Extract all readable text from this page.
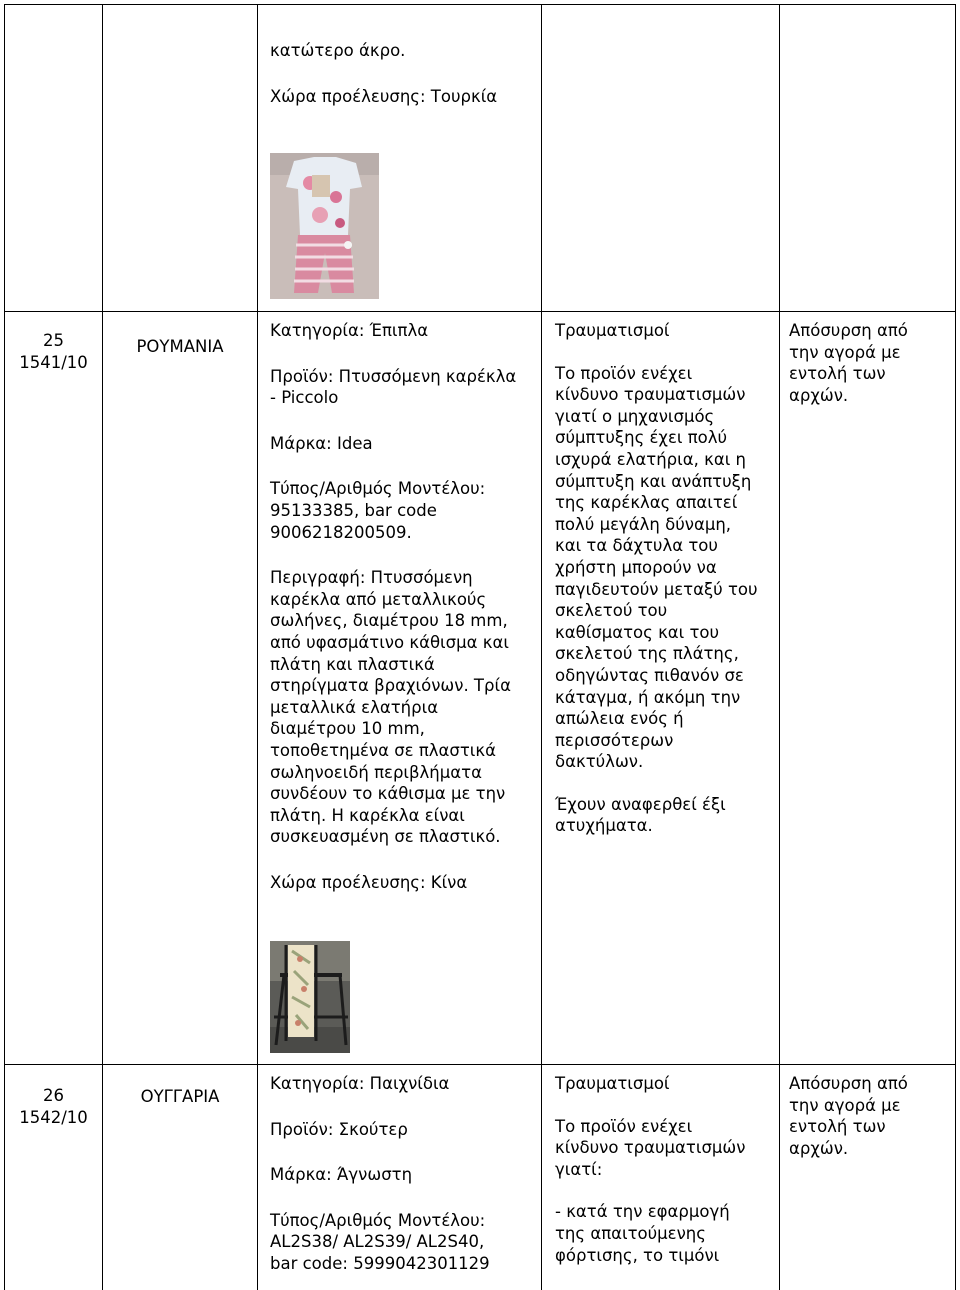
κατώτερο άκρο.

Χώρα προέλευσης: Τουρκία

25

1541/10

ΡΟΥΜΑΝΙΑ

Κατηγορία: Έπιπλα

Προϊόν: Πτυσσόμενη καρέκλα

- Piccolo

Μάρκα: Idea

Τύπος/Αριθμός Μοντέλου:

95133385, bar code

9006218200509.

Περιγραφή: Πτυσσόμενη

καρέκλα από μεταλλικούς

σωλήνες, διαμέτρου 18 mm,

από υφασμάτινο κάθισμα και

πλάτη και πλαστικά

στηρίγματα βραχιόνων. Τρία

μεταλλικά ελατήρια

διαμέτρου 10 mm,

τοποθετημένα σε πλαστικά

σωληνοειδή περιβλήματα

συνδέουν το κάθισμα με την

πλάτη. Η καρέκλα είναι

συσκευασμένη σε πλαστικό.

Χώρα προέλευσης: Κίνα

Τραυματισμοί

Το προϊόν ενέχει

κίνδυνο τραυματισμών

γιατί ο μηχανισμός

σύμπτυξης έχει πολύ

ισχυρά ελατήρια, και η

σύμπτυξη και ανάπτυξη

της καρέκλας απαιτεί

πολύ μεγάλη δύναμη,

και τα δάχτυλα του

χρήστη μπορούν να

παγιδευτούν μεταξύ του

σκελετού του

καθίσματος και του

σκελετού της πλάτης,

οδηγώντας πιθανόν σε

κάταγμα, ή ακόμη την

απώλεια ενός ή

περισσότερων

δακτύλων.

Έχουν αναφερθεί έξι

ατυχήματα.

Απόσυρση από

την αγορά με

εντολή των

αρχών.

26

1542/10

ΟΥΓΓΑΡΙΑ

Κατηγορία: Παιχνίδια

Προϊόν: Σκούτερ

Μάρκα: Άγνωστη

Τύπος/Αριθμός Μοντέλου:

AL2S38/ AL2S39/ AL2S40,

bar code: 5999042301129

Τραυματισμοί

Το προϊόν ενέχει

κίνδυνο τραυματισμών

γιατί:

- κατά την εφαρμογή

της απαιτούμενης

φόρτισης, το τιμόνι

Απόσυρση από

την αγορά με

εντολή των

αρχών.
